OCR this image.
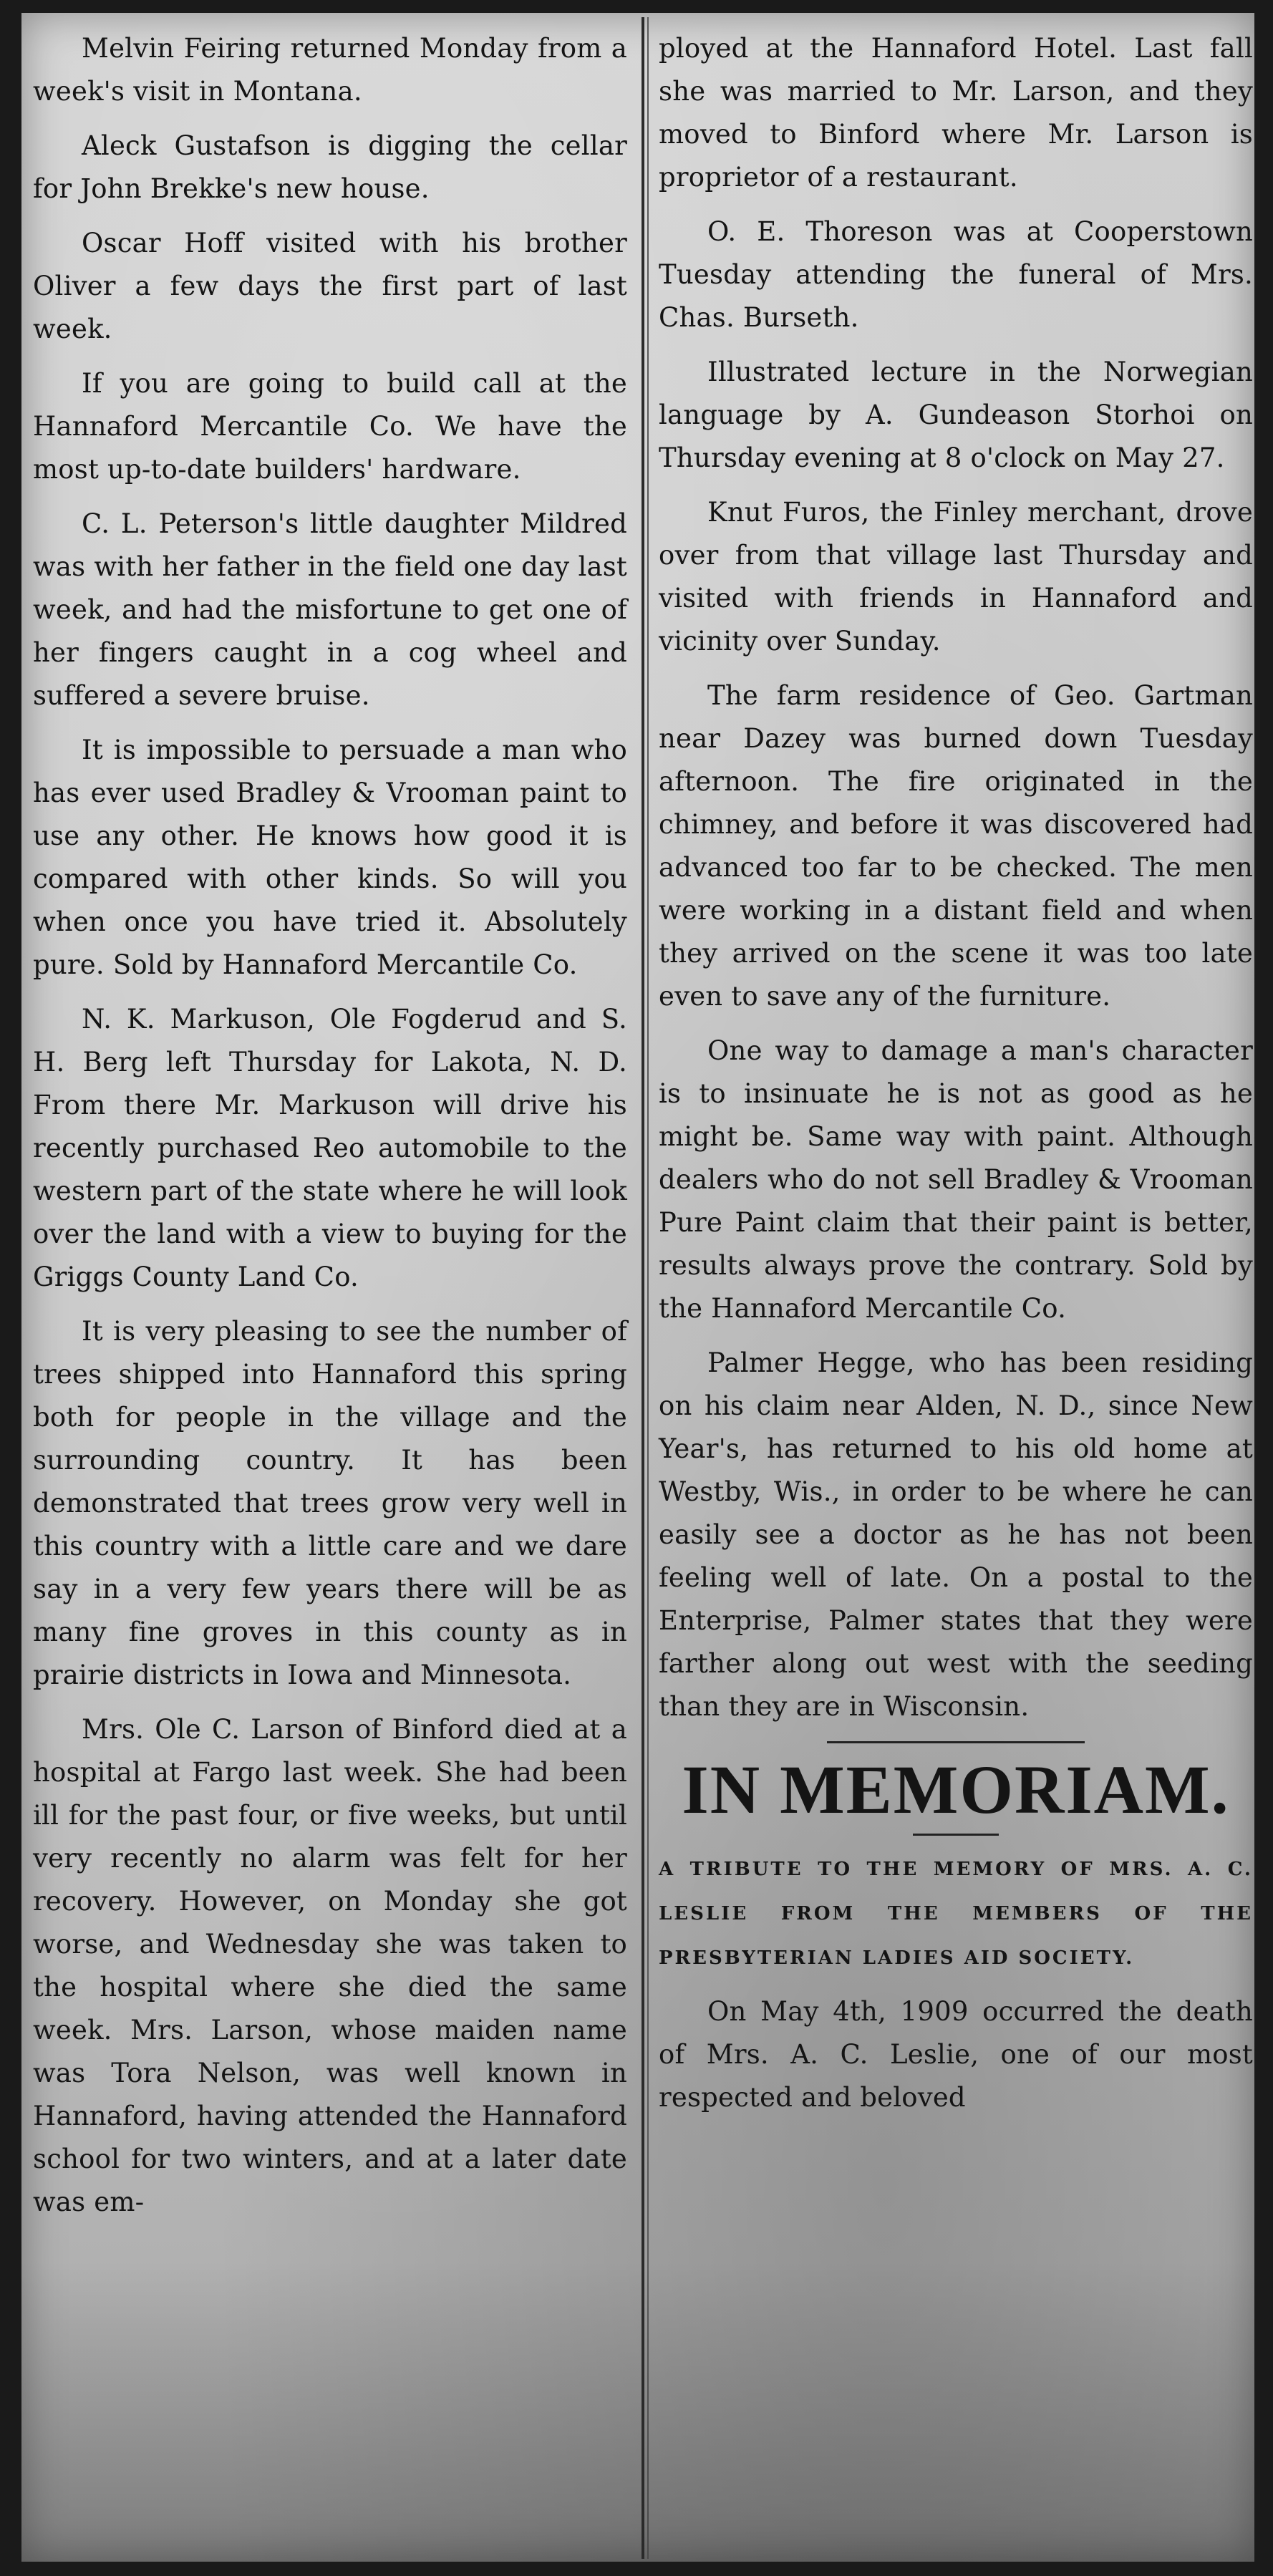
Melvin Feiring returned Monday from a week's visit in Montana.

Aleck Gustafson is digging the cellar for John Brekke's new house.

Oscar Hoff visited with his brother Oliver a few days the first part of last week.

If you are going to build call at the Hannaford Mercantile Co. We have the most up-to-date builders' hardware.

C. L. Peterson's little daughter Mildred was with her father in the field one day last week, and had the misfortune to get one of her fingers caught in a cog wheel and suffered a severe bruise.

It is impossible to persuade a man who has ever used Bradley & Vrooman paint to use any other. He knows how good it is compared with other kinds. So will you when once you have tried it. Absolutely pure. Sold by Hannaford Mercantile Co.

N. K. Markuson, Ole Fogderud and S. H. Berg left Thursday for Lakota, N. D. From there Mr. Markuson will drive his recently purchased Reo automobile to the western part of the state where he will look over the land with a view to buying for the Griggs County Land Co.

It is very pleasing to see the number of trees shipped into Hannaford this spring both for people in the village and the surrounding country. It has been demonstrated that trees grow very well in this country with a little care and we dare say in a very few years there will be as many fine groves in this county as in prairie districts in Iowa and Minnesota.

Mrs. Ole C. Larson of Binford died at a hospital at Fargo last week. She had been ill for the past four, or five weeks, but until very recently no alarm was felt for her recovery. However, on Monday she got worse, and Wednesday she was taken to the hospital where she died the same week. Mrs. Larson, whose maiden name was Tora Nelson, was well known in Hannaford, having attended the Hannaford school for two winters, and at a later date was em-

ployed at the Hannaford Hotel. Last fall she was married to Mr. Larson, and they moved to Binford where Mr. Larson is proprietor of a restaurant.

O. E. Thoreson was at Cooperstown Tuesday attending the funeral of Mrs. Chas. Burseth.

Illustrated lecture in the Norwegian language by A. Gundeason Storhoi on Thursday evening at 8 o'clock on May 27.

Knut Furos, the Finley merchant, drove over from that village last Thursday and visited with friends in Hannaford and vicinity over Sunday.

The farm residence of Geo. Gartman near Dazey was burned down Tuesday afternoon. The fire originated in the chimney, and before it was discovered had advanced too far to be checked. The men were working in a distant field and when they arrived on the scene it was too late even to save any of the furniture.

One way to damage a man's character is to insinuate he is not as good as he might be. Same way with paint. Although dealers who do not sell Bradley & Vrooman Pure Paint claim that their paint is better, results always prove the contrary. Sold by the Hannaford Mercantile Co.

Palmer Hegge, who has been residing on his claim near Alden, N. D., since New Year's, has returned to his old home at Westby, Wis., in order to be where he can easily see a doctor as he has not been feeling well of late. On a postal to the Enterprise, Palmer states that they were farther along out west with the seeding than they are in Wisconsin.

IN MEMORIAM.

A TRIBUTE TO THE MEMORY OF MRS. A. C. LESLIE FROM THE MEMBERS OF THE PRESBYTERIAN LADIES AID SOCIETY.

On May 4th, 1909 occurred the death of Mrs. A. C. Leslie, one of our most respected and beloved
